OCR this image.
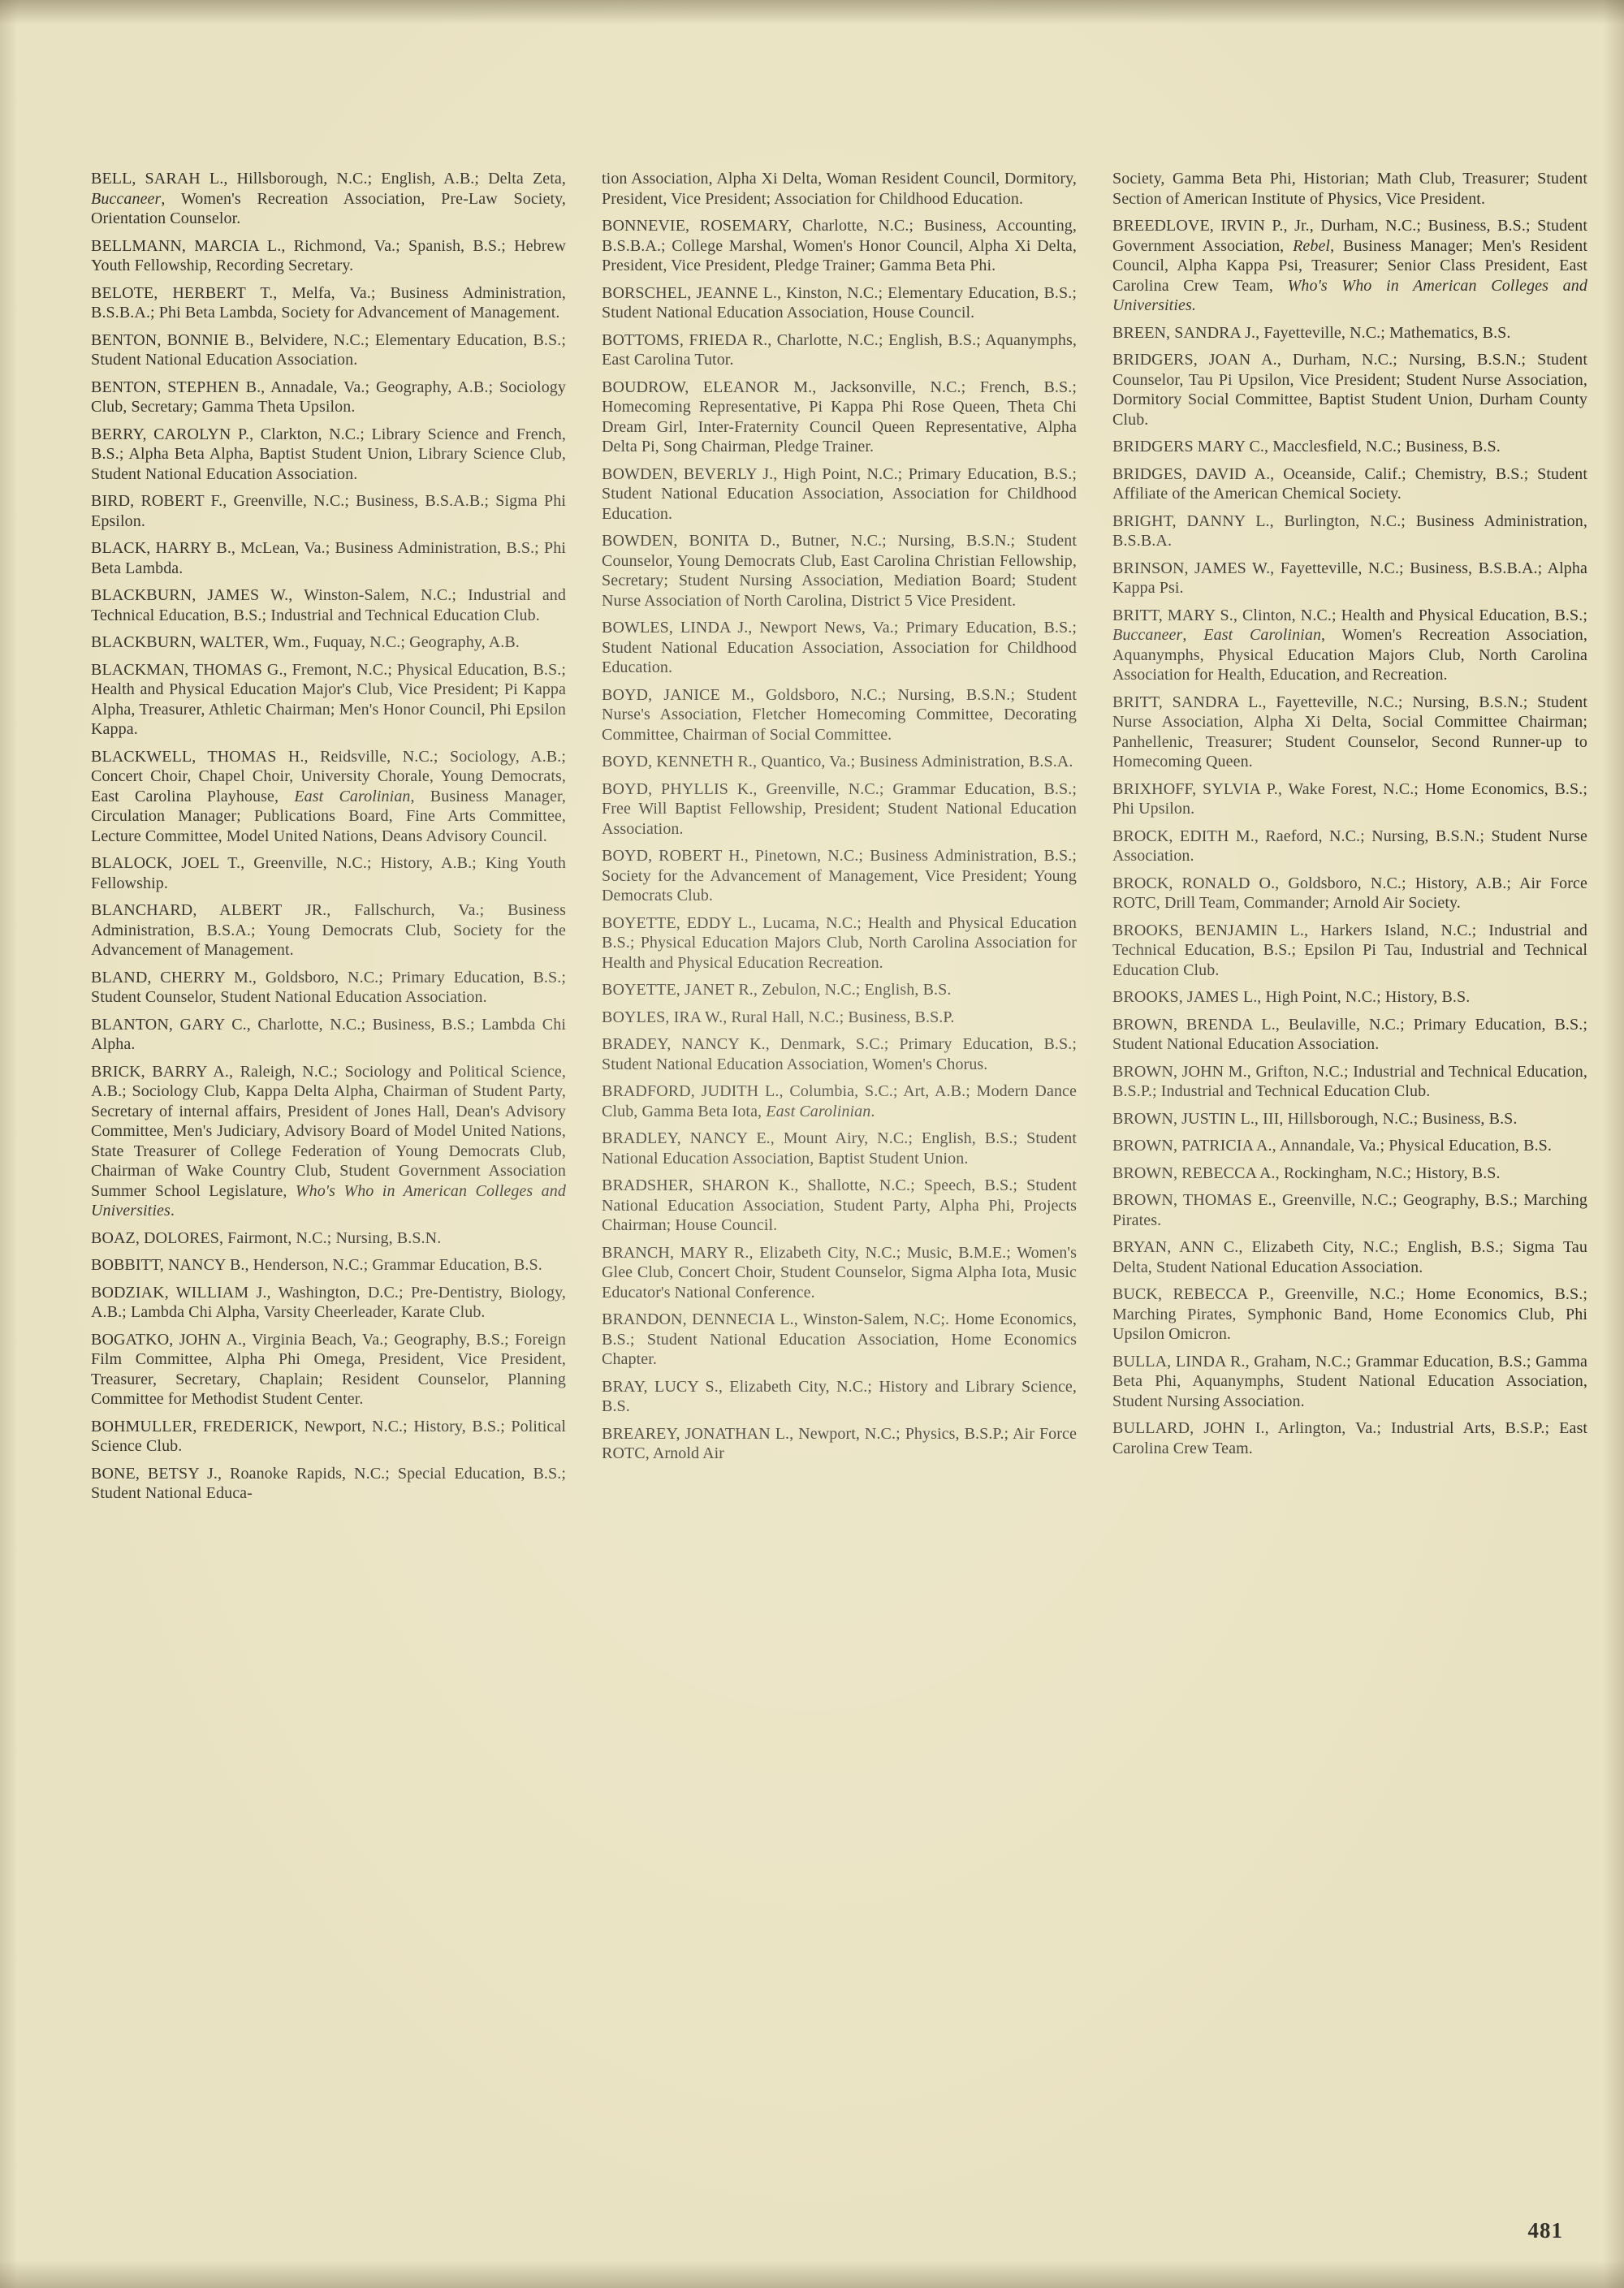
BELL, SARAH L., Hillsborough, N.C.; English, A.B.; Delta Zeta, Buccaneer, Women's Recreation Association, Pre-Law Society, Orientation Counselor.

BELLMANN, MARCIA L., Richmond, Va.; Spanish, B.S.; Hebrew Youth Fellowship, Recording Secretary.

BELOTE, HERBERT T., Melfa, Va.; Business Administration, B.S.B.A.; Phi Beta Lambda, Society for Advancement of Management.

BENTON, BONNIE B., Belvidere, N.C.; Elementary Education, B.S.; Student National Education Association.

BENTON, STEPHEN B., Annadale, Va.; Geography, A.B.; Sociology Club, Secretary; Gamma Theta Upsilon.

BERRY, CAROLYN P., Clarkton, N.C.; Library Science and French, B.S.; Alpha Beta Alpha, Baptist Student Union, Library Science Club, Student National Education Association.

BIRD, ROBERT F., Greenville, N.C.; Business, B.S.A.B.; Sigma Phi Epsilon.

BLACK, HARRY B., McLean, Va.; Business Administration, B.S.; Phi Beta Lambda.

BLACKBURN, JAMES W., Winston-Salem, N.C.; Industrial and Technical Education, B.S.; Industrial and Technical Education Club.

BLACKBURN, WALTER, Wm., Fuquay, N.C.; Geography, A.B.

BLACKMAN, THOMAS G., Fremont, N.C.; Physical Education, B.S.; Health and Physical Education Major's Club, Vice President; Pi Kappa Alpha, Treasurer, Athletic Chairman; Men's Honor Council, Phi Epsilon Kappa.

BLACKWELL, THOMAS H., Reidsville, N.C.; Sociology, A.B.; Concert Choir, Chapel Choir, University Chorale, Young Democrats, East Carolina Playhouse, East Carolinian, Business Manager, Circulation Manager; Publications Board, Fine Arts Committee, Lecture Committee, Model United Nations, Deans Advisory Council.

BLALOCK, JOEL T., Greenville, N.C.; History, A.B.; King Youth Fellowship.

BLANCHARD, ALBERT JR., Fallschurch, Va.; Business Administration, B.S.A.; Young Democrats Club, Society for the Advancement of Management.

BLAND, CHERRY M., Goldsboro, N.C.; Primary Education, B.S.; Student Counselor, Student National Education Association.

BLANTON, GARY C., Charlotte, N.C.; Business, B.S.; Lambda Chi Alpha.

BRICK, BARRY A., Raleigh, N.C.; Sociology and Political Science, A.B.; Sociology Club, Kappa Delta Alpha, Chairman of Student Party, Secretary of internal affairs, President of Jones Hall, Dean's Advisory Committee, Men's Judiciary, Advisory Board of Model United Nations, State Treasurer of College Federation of Young Democrats Club, Chairman of Wake Country Club, Student Government Association Summer School Legislature, Who's Who in American Colleges and Universities.

BOAZ, DOLORES, Fairmont, N.C.; Nursing, B.S.N.

BOBBITT, NANCY B., Henderson, N.C.; Grammar Education, B.S.

BODZIAK, WILLIAM J., Washington, D.C.; Pre-Dentistry, Biology, A.B.; Lambda Chi Alpha, Varsity Cheerleader, Karate Club.

BOGATKO, JOHN A., Virginia Beach, Va.; Geography, B.S.; Foreign Film Committee, Alpha Phi Omega, President, Vice President, Treasurer, Secretary, Chaplain; Resident Counselor, Planning Committee for Methodist Student Center.

BOHMULLER, FREDERICK, Newport, N.C.; History, B.S.; Political Science Club.

BONE, BETSY J., Roanoke Rapids, N.C.; Special Education, B.S.; Student National Educa-

tion Association, Alpha Xi Delta, Woman Resident Council, Dormitory, President, Vice President; Association for Childhood Education.

BONNEVIE, ROSEMARY, Charlotte, N.C.; Business, Accounting, B.S.B.A.; College Marshal, Women's Honor Council, Alpha Xi Delta, President, Vice President, Pledge Trainer; Gamma Beta Phi.

BORSCHEL, JEANNE L., Kinston, N.C.; Elementary Education, B.S.; Student National Education Association, House Council.

BOTTOMS, FRIEDA R., Charlotte, N.C.; English, B.S.; Aquanymphs, East Carolina Tutor.

BOUDROW, ELEANOR M., Jacksonville, N.C.; French, B.S.; Homecoming Representative, Pi Kappa Phi Rose Queen, Theta Chi Dream Girl, Inter-Fraternity Council Queen Representative, Alpha Delta Pi, Song Chairman, Pledge Trainer.

BOWDEN, BEVERLY J., High Point, N.C.; Primary Education, B.S.; Student National Education Association, Association for Childhood Education.

BOWDEN, BONITA D., Butner, N.C.; Nursing, B.S.N.; Student Counselor, Young Democrats Club, East Carolina Christian Fellowship, Secretary; Student Nursing Association, Mediation Board; Student Nurse Association of North Carolina, District 5 Vice President.

BOWLES, LINDA J., Newport News, Va.; Primary Education, B.S.; Student National Education Association, Association for Childhood Education.

BOYD, JANICE M., Goldsboro, N.C.; Nursing, B.S.N.; Student Nurse's Association, Fletcher Homecoming Committee, Decorating Committee, Chairman of Social Committee.

BOYD, KENNETH R., Quantico, Va.; Business Administration, B.S.A.

BOYD, PHYLLIS K., Greenville, N.C.; Grammar Education, B.S.; Free Will Baptist Fellowship, President; Student National Education Association.

BOYD, ROBERT H., Pinetown, N.C.; Business Administration, B.S.; Society for the Advancement of Management, Vice President; Young Democrats Club.

BOYETTE, EDDY L., Lucama, N.C.; Health and Physical Education B.S.; Physical Education Majors Club, North Carolina Association for Health and Physical Education Recreation.

BOYETTE, JANET R., Zebulon, N.C.; English, B.S.

BOYLES, IRA W., Rural Hall, N.C.; Business, B.S.P.

BRADEY, NANCY K., Denmark, S.C.; Primary Education, B.S.; Student National Education Association, Women's Chorus.

BRADFORD, JUDITH L., Columbia, S.C.; Art, A.B.; Modern Dance Club, Gamma Beta Iota, East Carolinian.

BRADLEY, NANCY E., Mount Airy, N.C.; English, B.S.; Student National Education Association, Baptist Student Union.

BRADSHER, SHARON K., Shallotte, N.C.; Speech, B.S.; Student National Education Association, Student Party, Alpha Phi, Projects Chairman; House Council.

BRANCH, MARY R., Elizabeth City, N.C.; Music, B.M.E.; Women's Glee Club, Concert Choir, Student Counselor, Sigma Alpha Iota, Music Educator's National Conference.

BRANDON, DENNECIA L., Winston-Salem, N.C;. Home Economics, B.S.; Student National Education Association, Home Economics Chapter.

BRAY, LUCY S., Elizabeth City, N.C.; History and Library Science, B.S.

BREAREY, JONATHAN L., Newport, N.C.; Physics, B.S.P.; Air Force ROTC, Arnold Air

Society, Gamma Beta Phi, Historian; Math Club, Treasurer; Student Section of American Institute of Physics, Vice President.

BREEDLOVE, IRVIN P., Jr., Durham, N.C.; Business, B.S.; Student Government Association, Rebel, Business Manager; Men's Resident Council, Alpha Kappa Psi, Treasurer; Senior Class President, East Carolina Crew Team, Who's Who in American Colleges and Universities.

BREEN, SANDRA J., Fayetteville, N.C.; Mathematics, B.S.

BRIDGERS, JOAN A., Durham, N.C.; Nursing, B.S.N.; Student Counselor, Tau Pi Upsilon, Vice President; Student Nurse Association, Dormitory Social Committee, Baptist Student Union, Durham County Club.

BRIDGERS MARY C., Macclesfield, N.C.; Business, B.S.

BRIDGES, DAVID A., Oceanside, Calif.; Chemistry, B.S.; Student Affiliate of the American Chemical Society.

BRIGHT, DANNY L., Burlington, N.C.; Business Administration, B.S.B.A.

BRINSON, JAMES W., Fayetteville, N.C.; Business, B.S.B.A.; Alpha Kappa Psi.

BRITT, MARY S., Clinton, N.C.; Health and Physical Education, B.S.; Buccaneer, East Carolinian, Women's Recreation Association, Aquanymphs, Physical Education Majors Club, North Carolina Association for Health, Education, and Recreation.

BRITT, SANDRA L., Fayetteville, N.C.; Nursing, B.S.N.; Student Nurse Association, Alpha Xi Delta, Social Committee Chairman; Panhellenic, Treasurer; Student Counselor, Second Runner-up to Homecoming Queen.

BRIXHOFF, SYLVIA P., Wake Forest, N.C.; Home Economics, B.S.; Phi Upsilon.

BROCK, EDITH M., Raeford, N.C.; Nursing, B.S.N.; Student Nurse Association.

BROCK, RONALD O., Goldsboro, N.C.; History, A.B.; Air Force ROTC, Drill Team, Commander; Arnold Air Society.

BROOKS, BENJAMIN L., Harkers Island, N.C.; Industrial and Technical Education, B.S.; Epsilon Pi Tau, Industrial and Technical Education Club.

BROOKS, JAMES L., High Point, N.C.; History, B.S.

BROWN, BRENDA L., Beulaville, N.C.; Primary Education, B.S.; Student National Education Association.

BROWN, JOHN M., Grifton, N.C.; Industrial and Technical Education, B.S.P.; Industrial and Technical Education Club.

BROWN, JUSTIN L., III, Hillsborough, N.C.; Business, B.S.

BROWN, PATRICIA A., Annandale, Va.; Physical Education, B.S.

BROWN, REBECCA A., Rockingham, N.C.; History, B.S.

BROWN, THOMAS E., Greenville, N.C.; Geography, B.S.; Marching Pirates.

BRYAN, ANN C., Elizabeth City, N.C.; English, B.S.; Sigma Tau Delta, Student National Education Association.

BUCK, REBECCA P., Greenville, N.C.; Home Economics, B.S.; Marching Pirates, Symphonic Band, Home Economics Club, Phi Upsilon Omicron.

BULLA, LINDA R., Graham, N.C.; Grammar Education, B.S.; Gamma Beta Phi, Aquanymphs, Student National Education Association, Student Nursing Association.

BULLARD, JOHN I., Arlington, Va.; Industrial Arts, B.S.P.; East Carolina Crew Team.

481
